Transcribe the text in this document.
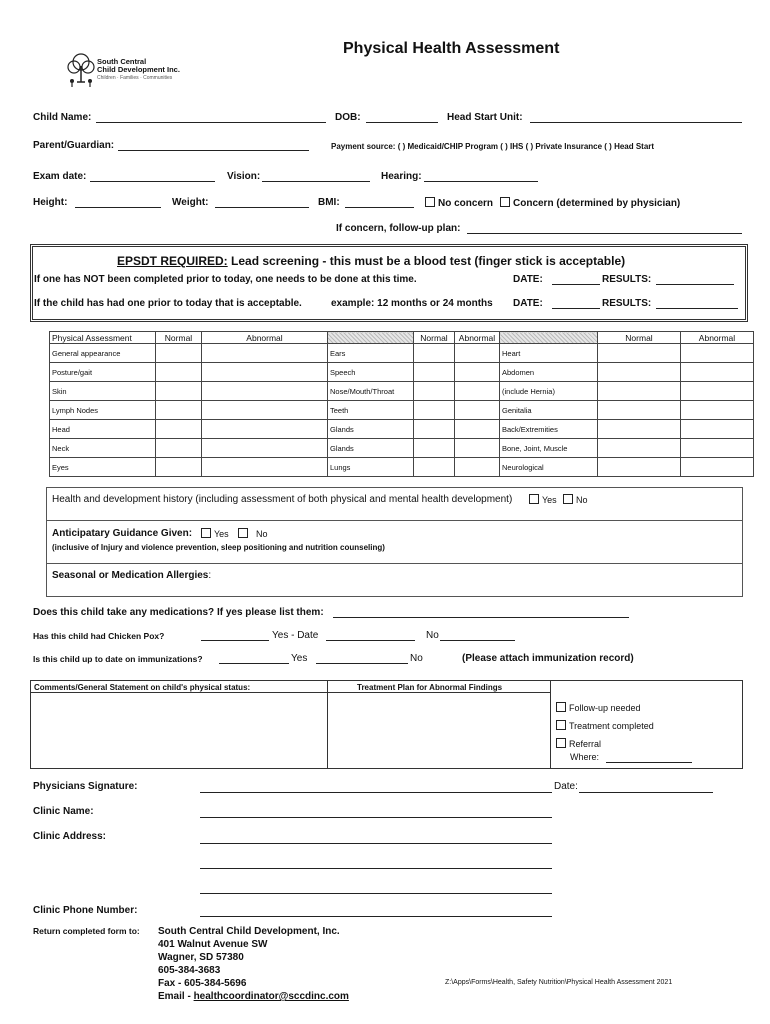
South Central
Child Development Inc.
Children · Families · Communities
Physical Health Assessment
Child Name:	DOB:	Head Start Unit:
Parent/Guardian:	Payment source: ( ) Medicaid/CHIP Program ( ) IHS ( ) Private Insurance ( ) Head Start
Exam date:	Vision:	Hearing:
Height:	Weight:	BMI:	No concern	Concern (determined by physician)
If concern, follow-up plan:
EPSDT REQUIRED: Lead screening - this must be a blood test (finger stick is acceptable)
If one has NOT been completed prior to today, one needs to be done at this time.	DATE:	RESULTS:
If the child has had one prior to today that is acceptable.	example: 12 months or 24 months DATE:	RESULTS:
Physical Assessment	Normal	Abnormal		Normal	Abnormal		Normal	Abnormal
General appearance			Ears			Heart		
Posture/gait			Speech			Abdomen		
Skin			Nose/Mouth/Throat			(include Hernia)		
Lymph Nodes			Teeth			Genitalia		
Head			Glands			Back/Extremities		
Neck			Glands			Bone, Joint, Muscle		
Eyes			Lungs			Neurological		
Health and development history (including assessment of both physical and mental health development)	Yes	No
Anticipatary Guidance Given:	Yes	No
(inclusive of Injury and violence prevention, sleep positioning and nutrition counseling)
Seasonal or Medication Allergies:
Does this child take any medications? If yes please list them:
Has this child had Chicken Pox?	Yes - Date	No
Is this child up to date on immunizations?	Yes	No	(Please attach immunization record)
Comments/General Statement on child's physical status:	Treatment Plan for Abnormal Findings
Follow-up needed
Treatment completed
Referral
Where:
Physicians Signature:	Date:
Clinic Name:
Clinic Address:
Clinic Phone Number:
Return completed form to: South Central Child Development, Inc.
401 Walnut Avenue SW
Wagner, SD 57380
605-384-3683
Fax - 605-384-5696
Email - healthcoordinator@sccdinc.com
Z:\Apps\Forms\Health, Safety Nutrition\Physical Health Assessment 2021
